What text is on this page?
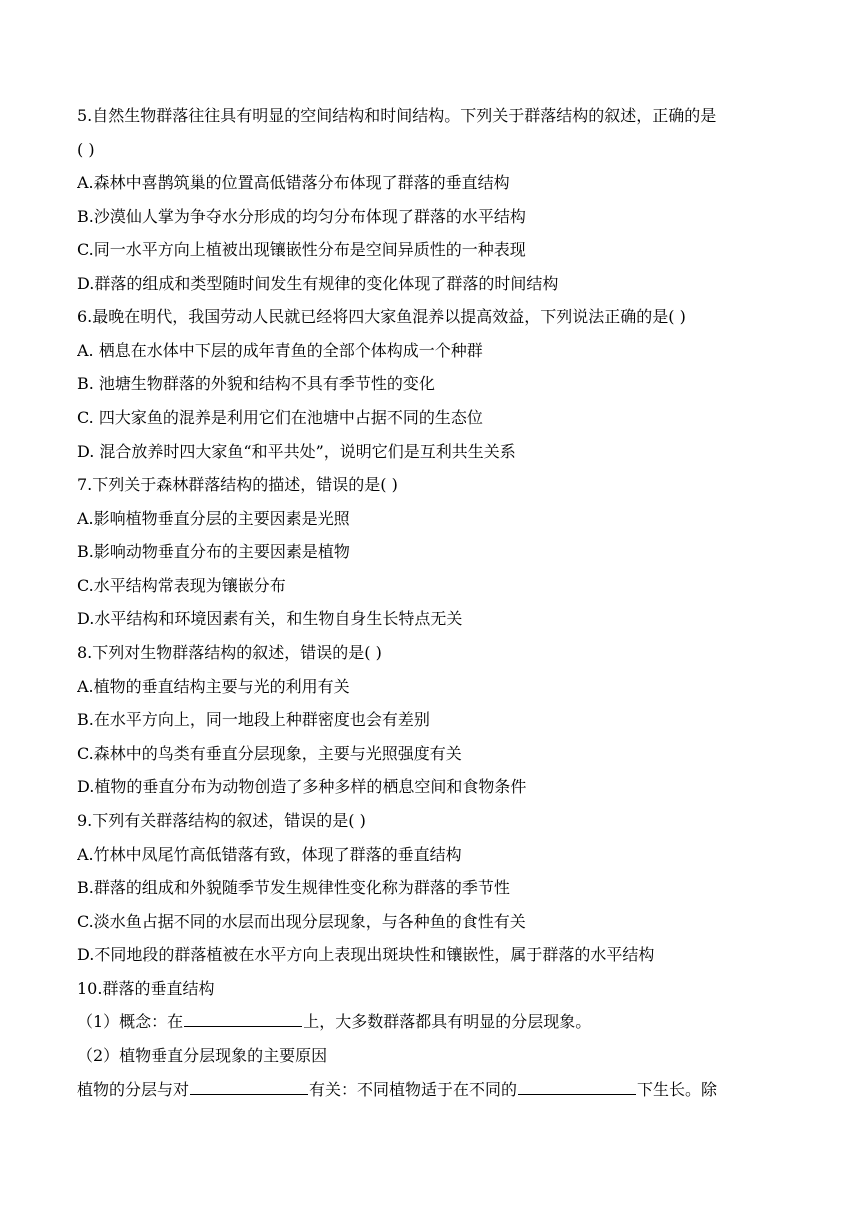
5.自然生物群落往往具有明显的空间结构和时间结构。下列关于群落结构的叙述，正确的是
( )
A.森林中喜鹊筑巢的位置高低错落分布体现了群落的垂直结构
B.沙漠仙人掌为争夺水分形成的均匀分布体现了群落的水平结构
C.同一水平方向上植被出现镶嵌性分布是空间异质性的一种表现
D.群落的组成和类型随时间发生有规律的变化体现了群落的时间结构
6.最晚在明代，我国劳动人民就已经将四大家鱼混养以提高效益，下列说法正确的是( )
A. 栖息在水体中下层的成年青鱼的全部个体构成一个种群
B. 池塘生物群落的外貌和结构不具有季节性的变化
C. 四大家鱼的混养是利用它们在池塘中占据不同的生态位
D. 混合放养时四大家鱼“和平共处”，说明它们是互利共生关系
7.下列关于森林群落结构的描述，错误的是( )
A.影响植物垂直分层的主要因素是光照
B.影响动物垂直分布的主要因素是植物
C.水平结构常表现为镶嵌分布
D.水平结构和环境因素有关，和生物自身生长特点无关
8.下列对生物群落结构的叙述，错误的是( )
A.植物的垂直结构主要与光的利用有关
B.在水平方向上，同一地段上种群密度也会有差别
C.森林中的鸟类有垂直分层现象，主要与光照强度有关
D.植物的垂直分布为动物创造了多种多样的栖息空间和食物条件
9.下列有关群落结构的叙述，错误的是( )
A.竹林中凤尾竹高低错落有致，体现了群落的垂直结构
B.群落的组成和外貌随季节发生规律性变化称为群落的季节性
C.淡水鱼占据不同的水层而出现分层现象，与各种鱼的食性有关
D.不同地段的群落植被在水平方向上表现出斑块性和镶嵌性，属于群落的水平结构
10.群落的垂直结构
（1）概念：在	上，大多数群落都具有明显的分层现象。
（2）植物垂直分层现象的主要原因
植物的分层与对	有关：不同植物适于在不同的	下生长。除
